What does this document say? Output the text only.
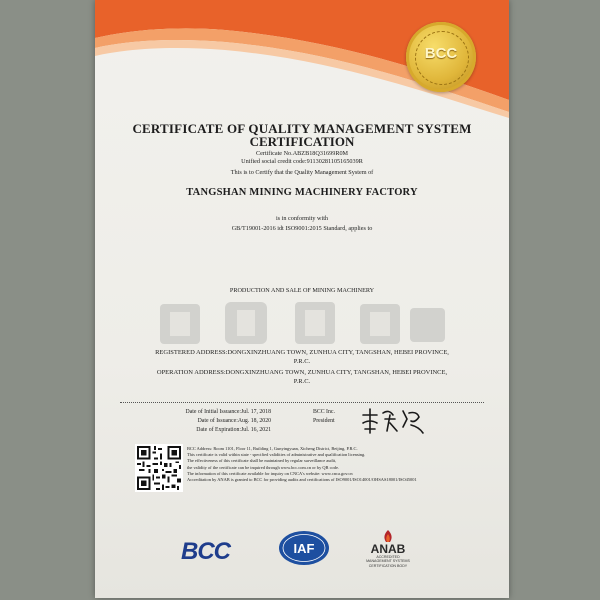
BCC
CERTIFICATE OF QUALITY MANAGEMENT SYSTEM
CERTIFICATION
Certificate No.ABZB18Q31699R0M
Unified social credit code:91130281105165039R
This is to Certify that the Quality Management System of
TANGSHAN MINING MACHINERY FACTORY
is in conformity with
GB/T19001-2016 idt ISO9001:2015 Standard, applies to
PRODUCTION AND SALE OF MINING MACHINERY
REGISTERED ADDRESS:DONGXINZHUANG TOWN, ZUNHUA CITY, TANGSHAN, HEBEI PROVINCE,
P.R.C.
OPERATION ADDRESS:DONGXINZHUANG TOWN, ZUNHUA CITY, TANGSHAN, HEBEI PROVINCE,
P.R.C.
Date of Initial Issuance:Jul. 17, 2018
Date of Issuance:Aug. 18, 2020
Date of Expiration:Jul. 16, 2021
BCC Inc.
President
BCC Address: Room 1101, Floor 11, Building 1, Gunyingyuan, Xicheng District, Beijing, P.R.C.
This certificate is valid within state - specified validities of administrative and qualification licensing.
The effectiveness of this certificate shall be maintained by regular surveillance audit,
the validity of the certificate can be inquired through www.bcc.com.cn or by QR code.
The information of this certificate available for inquiry on CNCA's website: www.cnca.gov.cn
Accreditation by ANAB is granted to BCC for providing audits and certifications of ISO9001/ISO14001/OHSAS18001/ISO45001
BCC	IAF	ANAB
ACCREDITED
MANAGEMENT SYSTEMS
CERTIFICATION BODY
